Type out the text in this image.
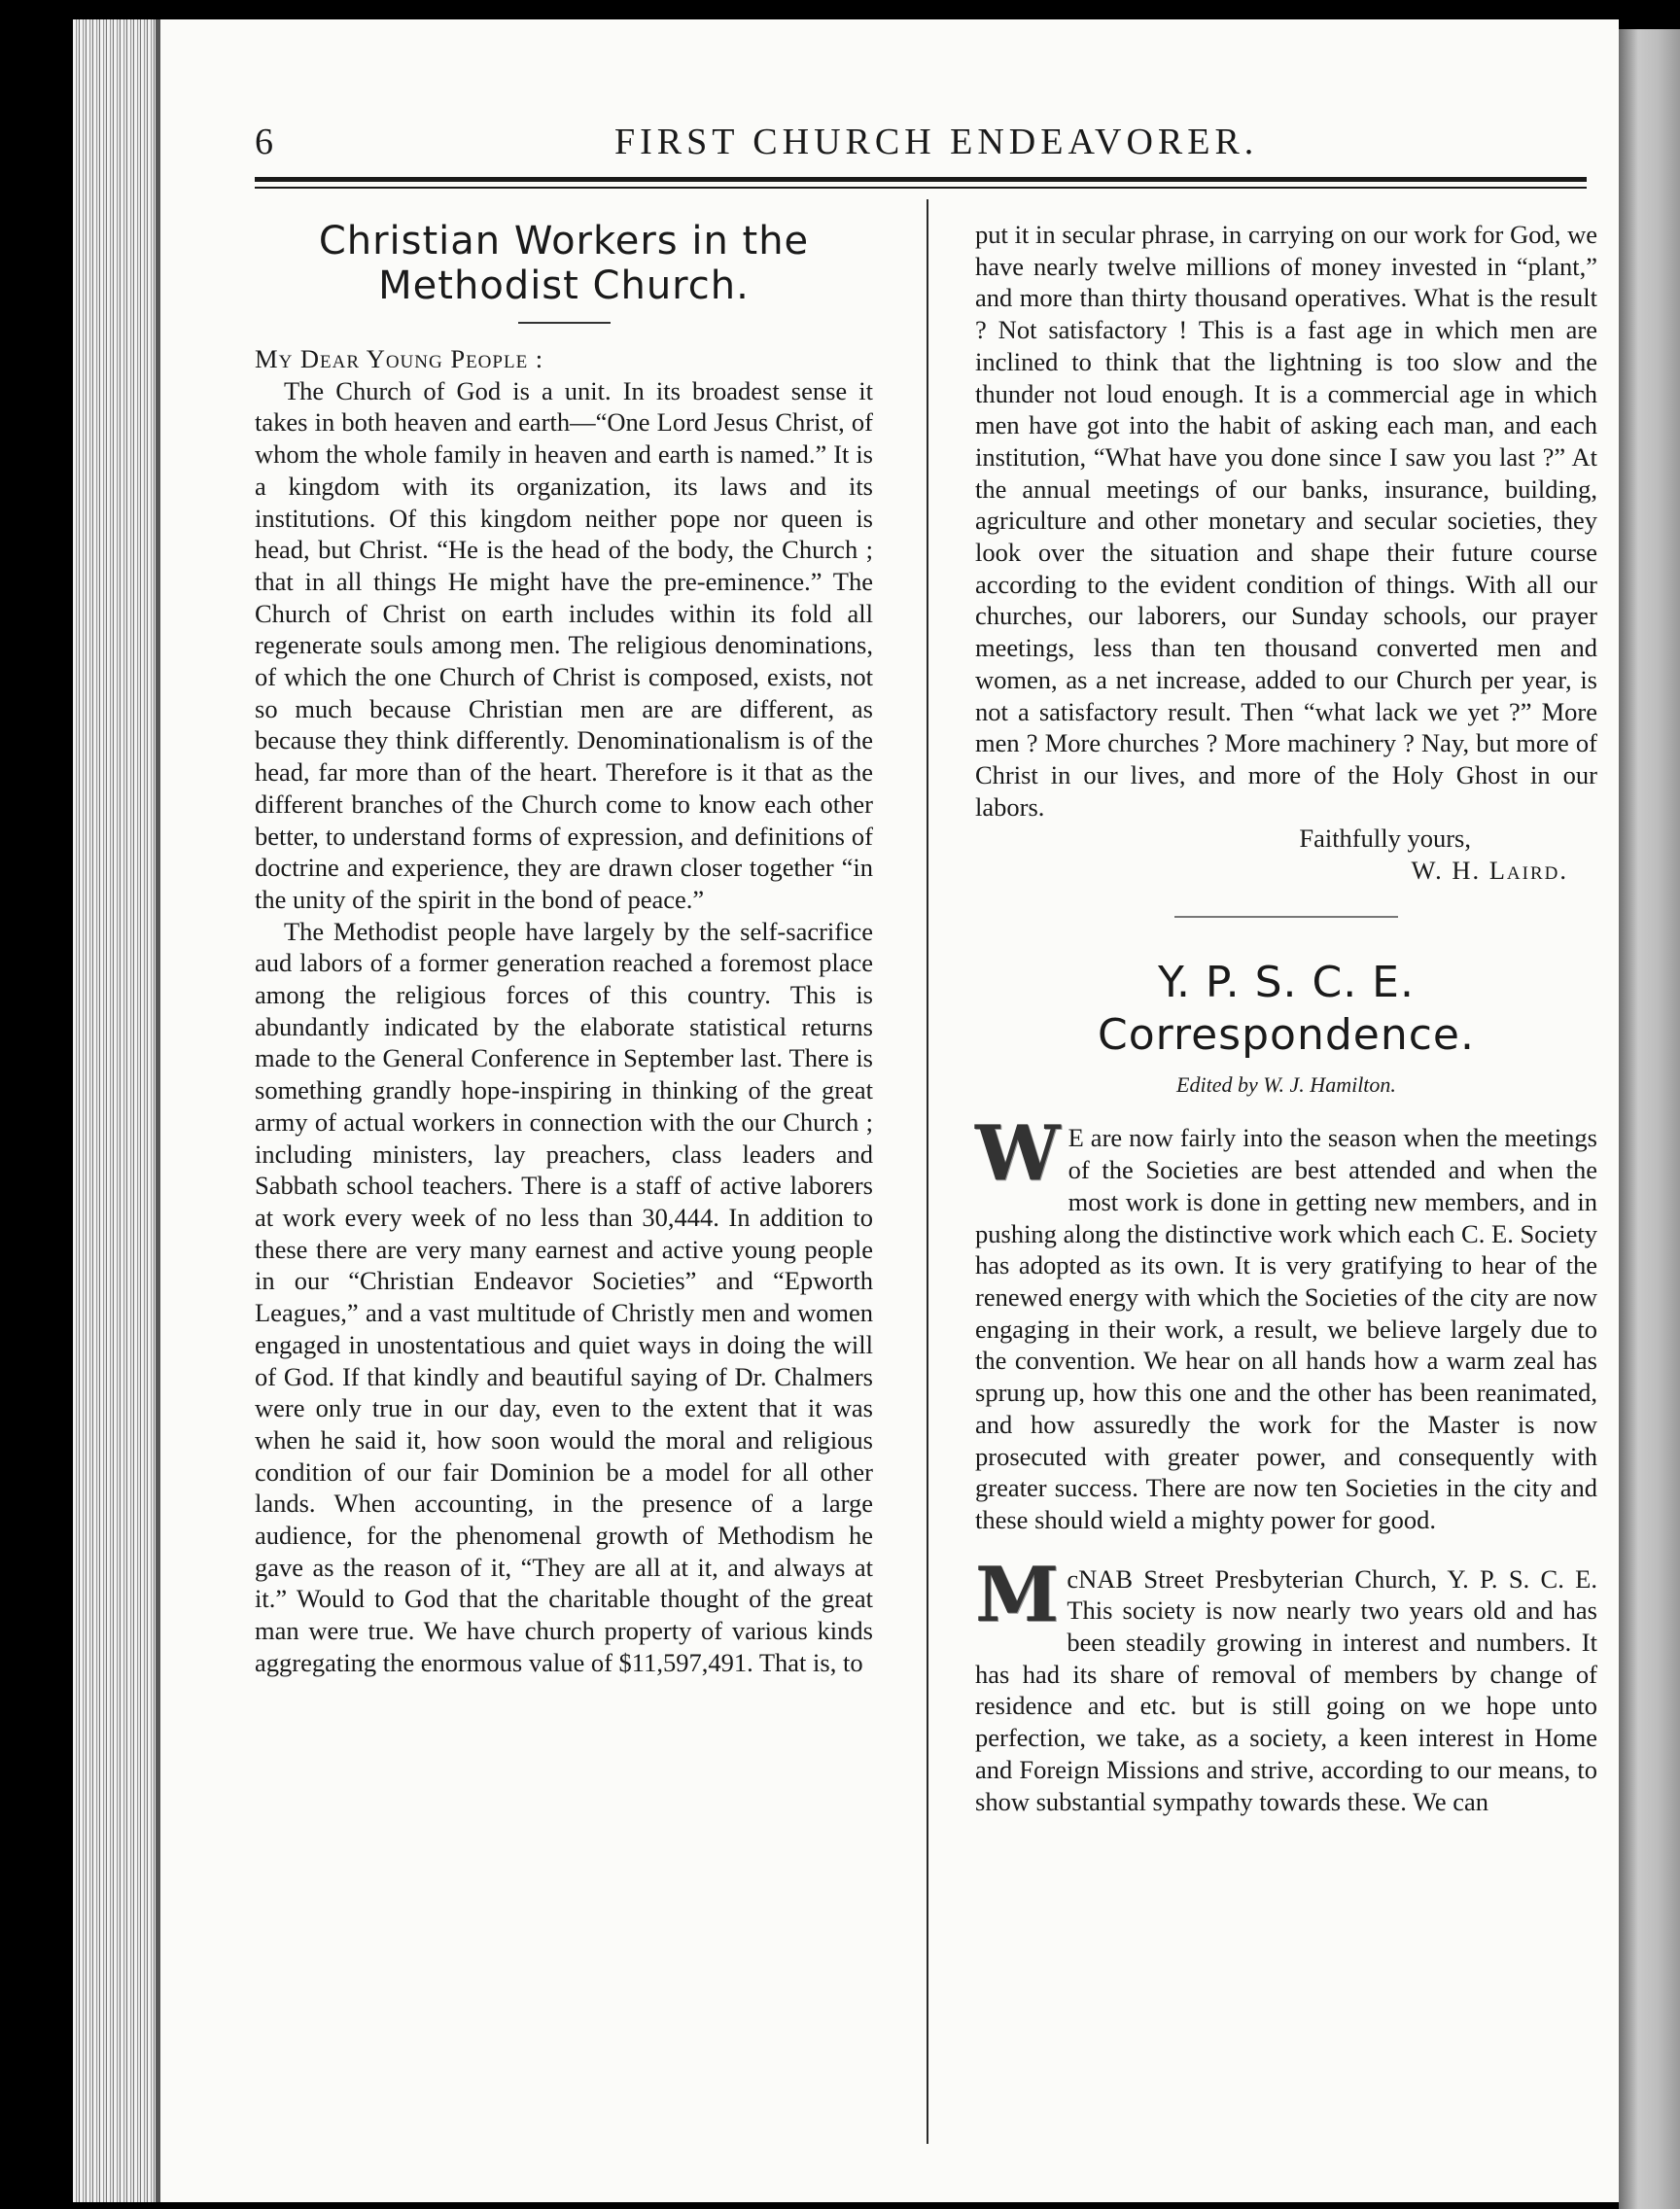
6	FIRST CHURCH ENDEAVORER.
Christian Workers in the Methodist Church.

My Dear Young People :

The Church of God is a unit. In its broadest sense it takes in both heaven and earth—“One Lord Jesus Christ, of whom the whole family in heaven and earth is named.” It is a kingdom with its organization, its laws and its institutions. Of this kingdom neither pope nor queen is head, but Christ. “He is the head of the body, the Church ; that in all things He might have the pre-eminence.” The Church of Christ on earth includes within its fold all regenerate souls among men. The religious denominations, of which the one Church of Christ is composed, exists, not so much because Christian men are are different, as because they think differently. Denominationalism is of the head, far more than of the heart. Therefore is it that as the different branches of the Church come to know each other better, to understand forms of expression, and definitions of doctrine and experience, they are drawn closer together “in the unity of the spirit in the bond of peace.”

The Methodist people have largely by the self-sacrifice aud labors of a former generation reached a foremost place among the religious forces of this country. This is abundantly indicated by the elaborate statistical returns made to the General Conference in September last. There is something grandly hope-inspiring in thinking of the great army of actual workers in connection with the our Church ; including ministers, lay preachers, class leaders and Sabbath school teachers. There is a staff of active laborers at work every week of no less than 30,444. In addition to these there are very many earnest and active young people in our “Christian Endeavor Societies” and “Epworth Leagues,” and a vast multitude of Christly men and women engaged in unostentatious and quiet ways in doing the will of God. If that kindly and beautiful saying of Dr. Chalmers were only true in our day, even to the extent that it was when he said it, how soon would the moral and religious condition of our fair Dominion be a model for all other lands. When accounting, in the presence of a large audience, for the phenomenal growth of Methodism he gave as the reason of it, “They are all at it, and always at it.” Would to God that the charitable thought of the great man were true. We have church property of various kinds aggregating the enormous value of $11,597,491. That is, to

put it in secular phrase, in carrying on our work for God, we have nearly twelve millions of money invested in “plant,” and more than thirty thousand operatives. What is the result ? Not satisfactory ! This is a fast age in which men are inclined to think that the lightning is too slow and the thunder not loud enough. It is a commercial age in which men have got into the habit of asking each man, and each institution, “What have you done since I saw you last ?” At the annual meetings of our banks, insurance, building, agriculture and other monetary and secular societies, they look over the situation and shape their future course according to the evident condition of things. With all our churches, our laborers, our Sunday schools, our prayer meetings, less than ten thousand converted men and women, as a net increase, added to our Church per year, is not a satisfactory result. Then “what lack we yet ?” More men ? More churches ? More machinery ? Nay, but more of Christ in our lives, and more of the Holy Ghost in our labors.

Faithfully yours,

W. H. Laird.

Y. P. S. C. E. Correspondence.
Edited by W. J. Hamilton.

W E are now fairly into the season when the meetings of the Societies are best attended and when the most work is done in getting new members, and in pushing along the distinctive work which each C. E. Society has adopted as its own. It is very gratifying to hear of the renewed energy with which the Societies of the city are now engaging in their work, a result, we believe largely due to the convention. We hear on all hands how a warm zeal has sprung up, how this one and the other has been reanimated, and how assuredly the work for the Master is now prosecuted with greater power, and consequently with greater success. There are now ten Societies in the city and these should wield a mighty power for good.

McNAB Street Presbyterian Church, Y. P. S. C. E. This society is now nearly two years old and has been steadily growing in interest and numbers. It has had its share of removal of members by change of residence and etc. but is still going on we hope unto perfection, we take, as a society, a keen interest in Home and Foreign Missions and strive, according to our means, to show substantial sympathy towards these. We can
